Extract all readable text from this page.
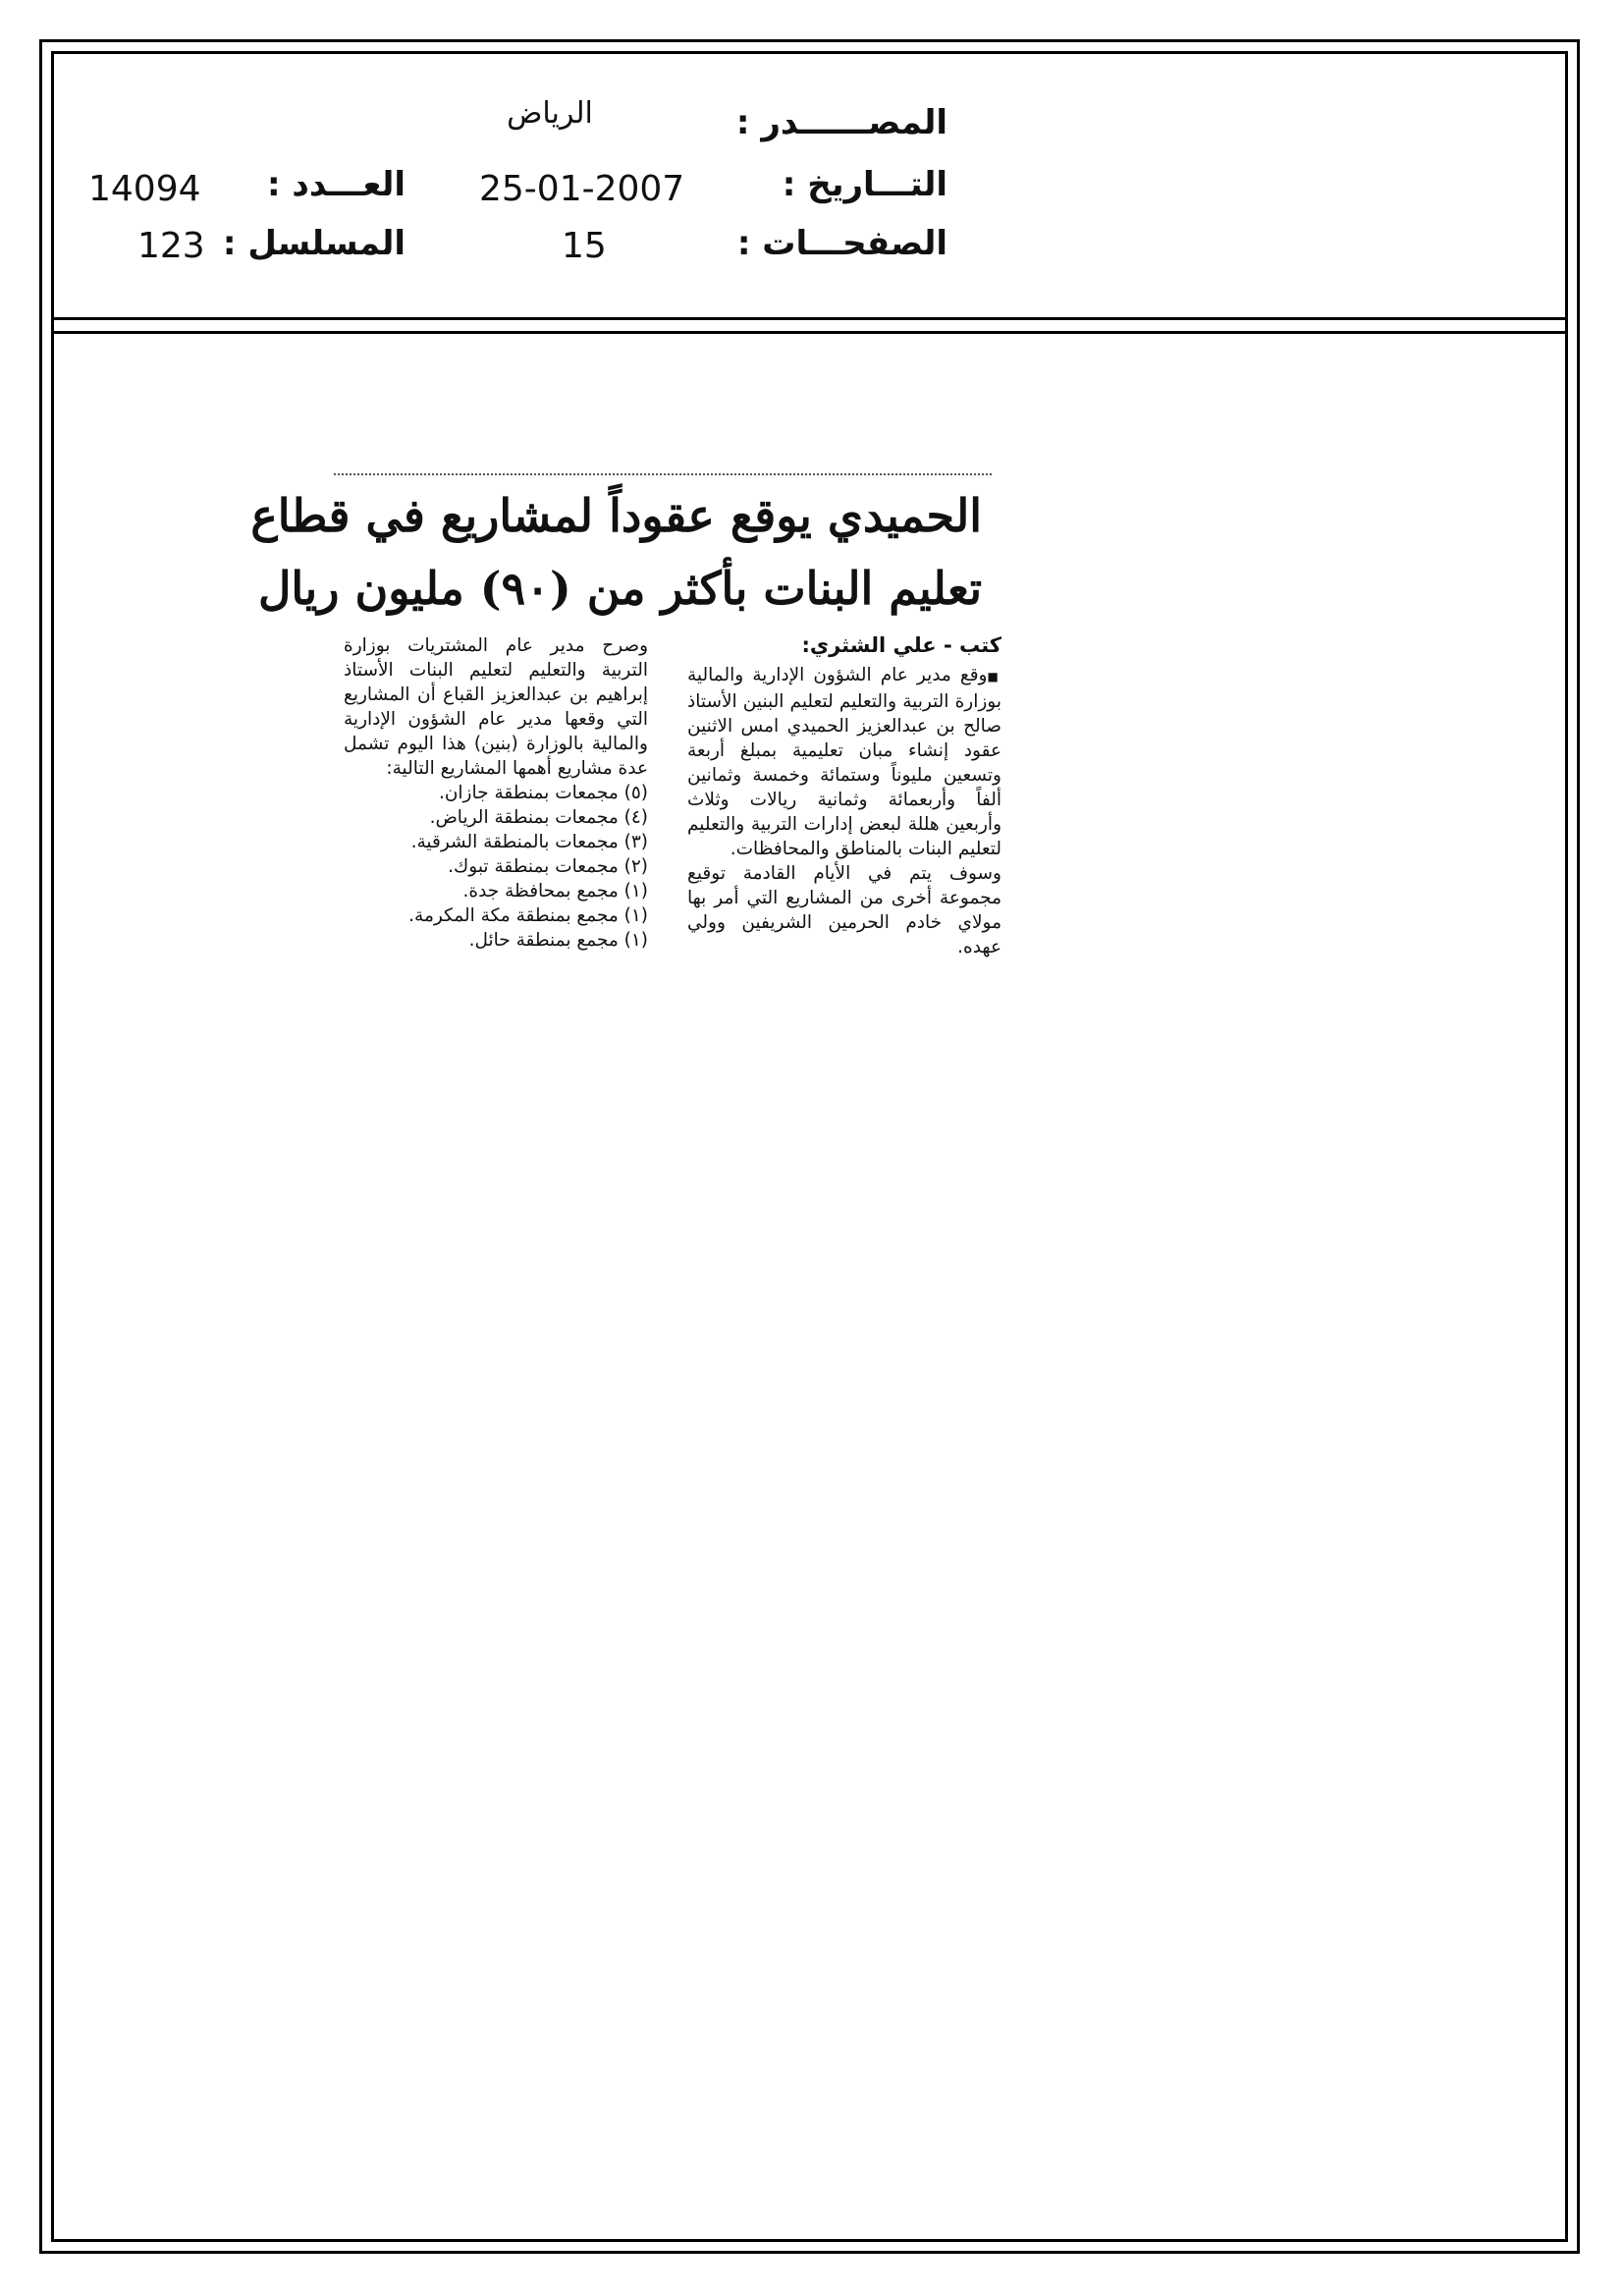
المصــــــدر :
التـــاريخ :
الصفحـــات :
الرياض
25-01-2007
15
العـــدد :
المسلسل :
14094
123
الحميدي يوقع عقوداً لمشاريع في قطاع
تعليم البنات بأكثر من (٩٠) مليون ريال
كتب - علي الشثري:

■وقع مدير عام الشؤون الإدارية والمالية بوزارة التربية والتعليم لتعليم البنين الأستاذ صالح بن عبدالعزيز الحميدي امس الاثنين عقود إنشاء مبان تعليمية بمبلغ أربعة وتسعين مليوناً وستمائة وخمسة وثمانين ألفاً وأربعمائة وثمانية ريالات وثلاث وأربعين هللة لبعض إدارات التربية والتعليم لتعليم البنات بالمناطق والمحافظات.

وسوف يتم في الأيام القادمة توقيع مجموعة أخرى من المشاريع التي أمر بها مولاي خادم الحرمين الشريفين وولي عهده.

وصرح مدير عام المشتريات بوزارة التربية والتعليم لتعليم البنات الأستاذ إبراهيم بن عبدالعزيز القباع أن المشاريع التي وقعها مدير عام الشؤون الإدارية والمالية بالوزارة (بنين) هذا اليوم تشمل عدة مشاريع أهمها المشاريع التالية:

(٥) مجمعات بمنطقة جازان.
(٤) مجمعات بمنطقة الرياض.
(٣) مجمعات بالمنطقة الشرقية.
(٢) مجمعات بمنطقة تبوك.
(١) مجمع بمحافظة جدة.
(١) مجمع بمنطقة مكة المكرمة.
(١) مجمع بمنطقة حائل.
